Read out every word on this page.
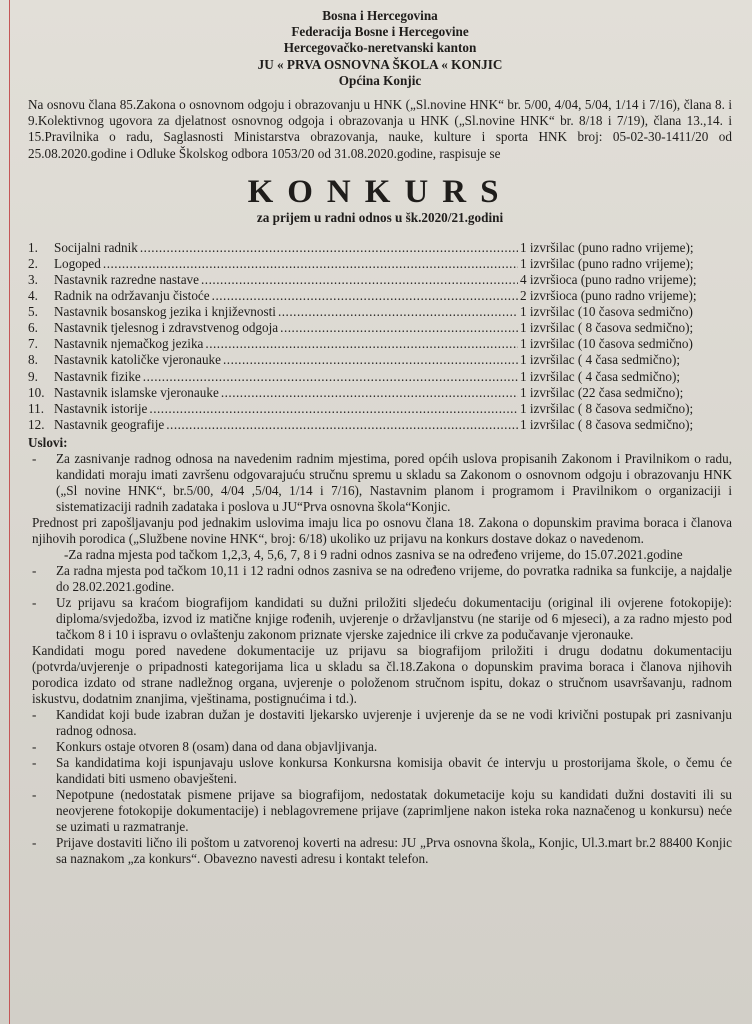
Bosna i Hercegovina
Federacija Bosne i Hercegovine
Hercegovačko-neretvanski kanton
JU « PRVA OSNOVNA ŠKOLA « KONJIC
Općina Konjic
Na osnovu člana 85.Zakona o osnovnom odgoju i obrazovanju u HNK („Sl.novine HNK“ br. 5/00, 4/04, 5/04, 1/14 i 7/16), člana 8. i 9.Kolektivnog ugovora za djelatnost osnovnog odgoja i obrazovanja u HNK („Sl.novine HNK“ br. 8/18 i 7/19), člana 13.,14. i 15.Pravilnika o radu, Saglasnosti Ministarstva obrazovanja, nauke, kulture i sporta HNK broj: 05-02-30-1411/20 od 25.08.2020.godine i Odluke Školskog odbora 1053/20 od 31.08.2020.godine, raspisuje se
KONKURS
za prijem u radni odnos u šk.2020/21.godini
1.	Socijalni radnik .....	1 izvršilac (puno radno vrijeme);
2.	Logoped .....	1 izvršilac (puno radno vrijeme);
3.	Nastavnik razredne nastave .....	4 izvršioca (puno radno vrijeme);
4.	Radnik na održavanju čistoće .....	2 izvršioca (puno radno vrijeme);
5.	Nastavnik bosanskog jezika i književnosti .....	1 izvršilac (10 časova sedmično)
6.	Nastavnik tjelesnog i zdravstvenog odgoja .....	1 izvršilac ( 8 časova sedmično);
7.	Nastavnik njemačkog jezika .....	1 izvršilac (10 časova sedmično)
8.	Nastavnik katoličke vjeronauke .....	1 izvršilac ( 4 časa sedmično);
9.	Nastavnik fizike .....	1 izvršilac ( 4 časa sedmično);
10. Nastavnik islamske vjeronauke .....	1 izvršilac (22 časa sedmično);
11. Nastavnik istorije .....	1 izvršilac ( 8 časova sedmično);
12. Nastavnik geografije .....	1 izvršilac ( 8 časova sedmično);
Uslovi:
- Za zasnivanje radnog odnosa na navedenim radnim mjestima, pored općih uslova propisanih Zakonom i Pravilnikom o radu, kandidati moraju imati završenu odgovarajuću stručnu spremu u skladu sa Zakonom o osnovnom odgoju i obrazovanju HNK („Sl novine HNK“, br.5/00, 4/04 ,5/04, 1/14 i 7/16), Nastavnim planom i programom i Pravilnikom o organizaciji i sistematizaciji radnih zadataka i poslova u JU“Prva osnovna škola“Konjic.
Prednost pri zapošljavanju pod jednakim uslovima imaju lica po osnovu člana 18. Zakona o dopunskim pravima boraca i članova njihovih porodica („Službene novine HNK“, broj: 6/18) ukoliko uz prijavu na konkurs dostave dokaz o navedenom.
-Za radna mjesta pod tačkom 1,2,3, 4, 5,6, 7, 8 i 9 radni odnos zasniva se na određeno vrijeme, do 15.07.2021.godine
- Za radna mjesta pod tačkom 10,11 i 12 radni odnos zasniva se na određeno vrijeme, do povratka radnika sa funkcije, a najdalje do 28.02.2021.godine.
- Uz prijavu sa kraćom biografijom kandidati su dužni priložiti sljedeću dokumentaciju (original ili ovjerene fotokopije): diploma/svjedožba, izvod iz matične knjige rođenih, uvjerenje o državljanstvu (ne starije od 6 mjeseci), a za radno mjesto pod tačkom 8 i 10 i ispravu o ovlaštenju zakonom priznate vjerske zajednice ili crkve za podučavanje vjeronauke.
Kandidati mogu pored navedene dokumentacije uz prijavu sa biografijom priložiti i drugu dodatnu dokumentaciju (potvrda/uvjerenje o pripadnosti kategorijama lica u skladu sa čl.18.Zakona o dopunskim pravima boraca i članova njihovih porodica izdato od strane nadležnog organa, uvjerenje o položenom stručnom ispitu, dokaz o stručnom usavršavanju, radnom iskustvu, dodatnim znanjima, vještinama, postignućima i td.).
- Kandidat koji bude izabran dužan je dostaviti ljekarsko uvjerenje i uvjerenje da se ne vodi krivični postupak pri zasnivanju radnog odnosa.
- Konkurs ostaje otvoren 8 (osam) dana od dana objavljivanja.
- Sa kandidatima koji ispunjavaju uslove konkursa Konkursna komisija obavit će intervju u prostorijama škole, o čemu će kandidati biti usmeno obavješteni.
- Nepotpune (nedostatak pismene prijave sa biografijom, nedostatak dokumetacije koju su kandidati dužni dostaviti ili su neovjerene fotokopije dokumentacije) i neblagovremene prijave (zaprimljene nakon isteka roka naznačenog u konkursu) neće se uzimati u razmatranje.
- Prijave dostaviti lično ili poštom u zatvorenoj koverti na adresu: JU „Prva osnovna škola„ Konjic, Ul.3.mart br.2 88400 Konjic sa naznakom „za konkurs“. Obavezno navesti adresu i kontakt telefon.
